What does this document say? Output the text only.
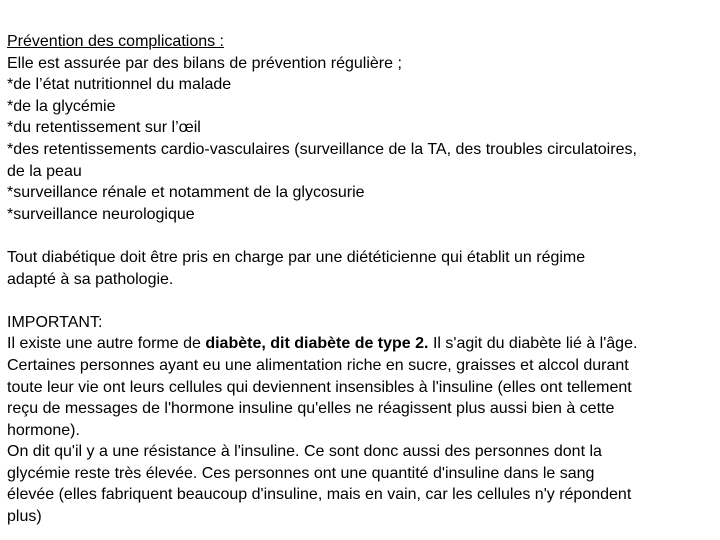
Prévention des complications :
Elle est assurée par des bilans de prévention régulière ;
*de l’état nutritionnel du malade
*de la glycémie
*du retentissement sur l’œil
*des retentissements cardio-vasculaires (surveillance de la TA, des troubles circulatoires,
de la peau
*surveillance rénale et notamment de la glycosurie
*surveillance neurologique
Tout diabétique doit être pris en charge par une diététicienne qui établit un régime
adapté à sa pathologie.
IMPORTANT:
Il existe une autre forme de diabète, dit diabète de type 2. Il s'agit du diabète lié à l'âge.
Certaines personnes ayant eu une alimentation riche en sucre, graisses et alccol durant
toute leur vie ont leurs cellules qui deviennent insensibles à l'insuline (elles ont tellement
reçu de messages de l'hormone insuline qu'elles ne réagissent plus aussi bien à cette
hormone).
On dit qu'il y a une résistance à l'insuline. Ce sont donc aussi des personnes dont la
glycémie reste très élevée. Ces personnes ont une quantité d'insuline dans le sang
élevée (elles fabriquent beaucoup d'insuline, mais en vain, car les cellules n'y répondent
plus)
